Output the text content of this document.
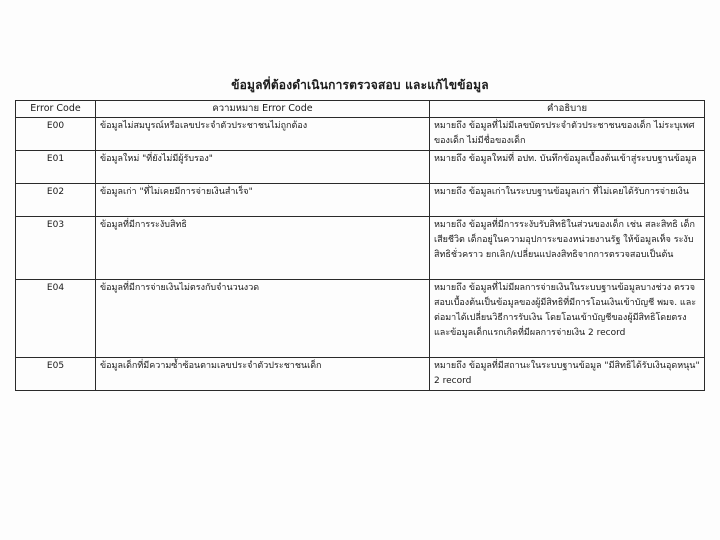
ข้อมูลที่ต้องดำเนินการตรวจสอบ และแก้ไขข้อมูล
Error Code	ความหมาย Error Code	คำอธิบาย
E00	ข้อมูลไม่สมบูรณ์หรือเลขประจำตัวประชาชนไม่ถูกต้อง	หมายถึง ข้อมูลที่ไม่มีเลขบัตรประจำตัวประชาชนของเด็ก ไม่ระบุเพศของเด็ก ไม่มีชื่อของเด็ก
E01	ข้อมูลใหม่ "ที่ยังไม่มีผู้รับรอง"	หมายถึง ข้อมูลใหม่ที่ อปท. บันทึกข้อมูลเบื้องต้นเข้าสู่ระบบฐานข้อมูล
E02	ข้อมูลเก่า "ที่ไม่เคยมีการจ่ายเงินสำเร็จ"	หมายถึง ข้อมูลเก่าในระบบฐานข้อมูลเก่า ที่ไม่เคยได้รับการจ่ายเงิน
E03	ข้อมูลที่มีการระงับสิทธิ	หมายถึง ข้อมูลที่มีการระงับรับสิทธิในส่วนของเด็ก เช่น สละสิทธิ เด็กเสียชีวิต เด็กอยู่ในความอุปการะของหน่วยงานรัฐ ให้ข้อมูลเท็จ ระงับสิทธิชั่วคราว ยกเลิก/เปลี่ยนแปลงสิทธิจากการตรวจสอบเป็นต้น
E04	ข้อมูลที่มีการจ่ายเงินไม่ตรงกับจำนวนงวด	หมายถึง ข้อมูลที่ไม่มีผลการจ่ายเงินในระบบฐานข้อมูลบางช่วง ตรวจสอบเบื้องต้นเป็นข้อมูลของผู้มีสิทธิที่มีการโอนเงินเข้าบัญชี พมจ. และต่อมาได้เปลี่ยนวิธีการรับเงิน โดยโอนเข้าบัญชีของผู้มีสิทธิโดยตรง และข้อมูลเด็กแรกเกิดที่มีผลการจ่ายเงิน 2 record
E05	ข้อมูลเด็กที่มีความซ้ำซ้อนตามเลขประจำตัวประชาชนเด็ก	หมายถึง ข้อมูลที่มีสถานะในระบบฐานข้อมูล "มีสิทธิได้รับเงินอุดหนุน" 2 record
